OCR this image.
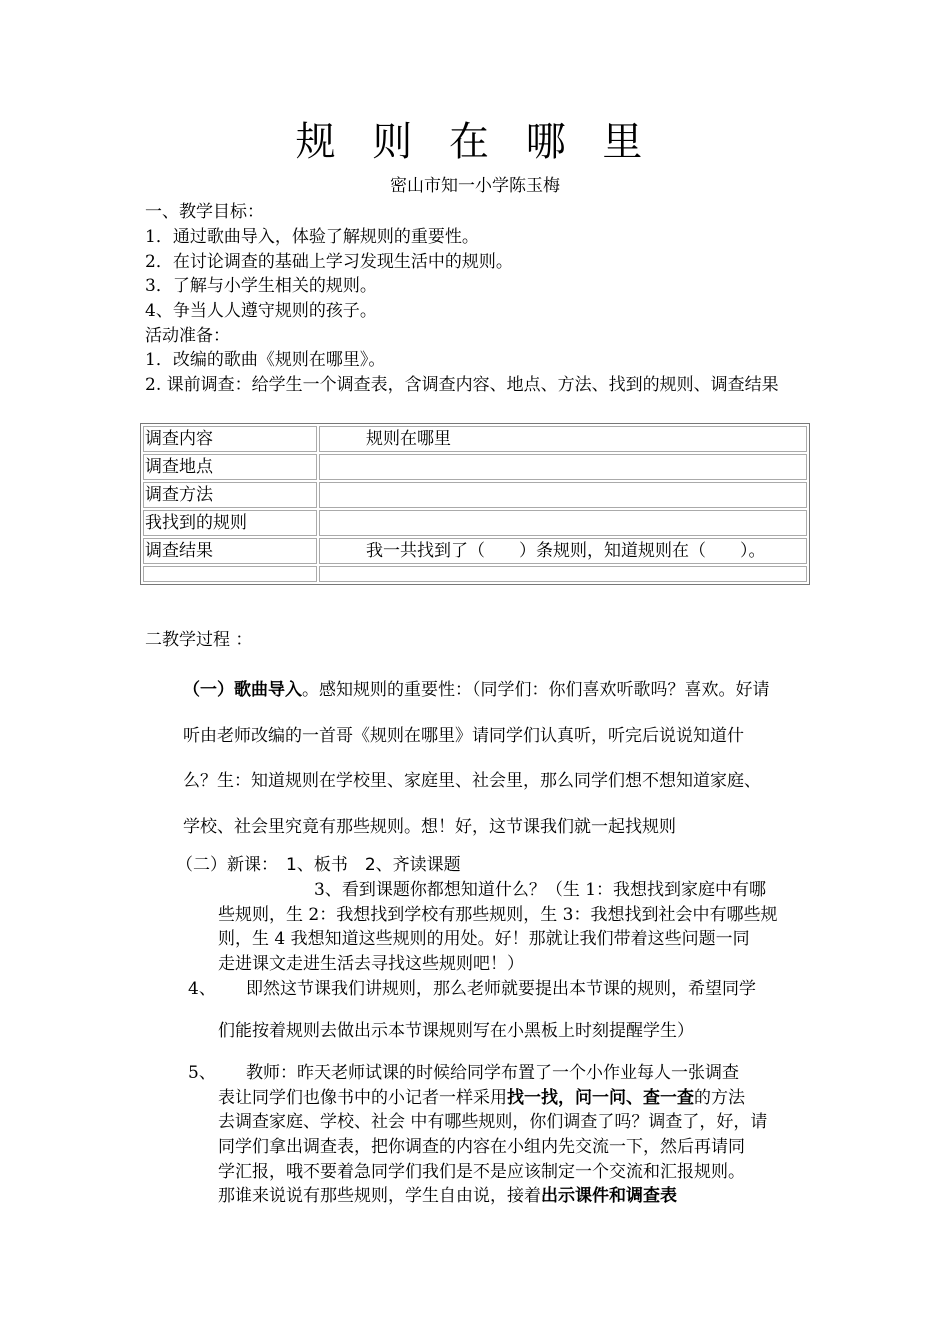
规 则 在 哪 里
密山市知一小学陈玉梅
一、教学目标：
1．通过歌曲导入，体验了解规则的重要性。
2．在讨论调查的基础上学习发现生活中的规则。
3．了解与小学生相关的规则。
4、争当人人遵守规则的孩子。
活动准备：
1．改编的歌曲《规则在哪里》。
2. 课前调查：给学生一个调查表，含调查内容、地点、方法、找到的规则、调查结果
调查内容	规则在哪里
调查地点	
调查方法	
我找到的规则	
调查结果	我一共找到了（　　）条规则，知道规则在（　　）。

二教学过程 ：
（一）歌曲导入。感知规则的重要性：（同学们：你们喜欢听歌吗？喜欢。好请
听由老师改编的一首哥《规则在哪里》请同学们认真听，听完后说说知道什
么？生：知道规则在学校里、家庭里、社会里，那么同学们想不想知道家庭、
学校、社会里究竟有那些规则。想！好，这节课我们就一起找规则
（二）新课： 1、板书　2、齐读课题
3、看到课题你都想知道什么？（生 1：我想找到家庭中有哪
些规则，生 2：我想找到学校有那些规则，生 3：我想找到社会中有哪些规
则，生 4 我想知道这些规则的用处。好！那就让我们带着这些问题一同
走进课文走进生活去寻找这些规则吧！）
4、 即然这节课我们讲规则，那么老师就要提出本节课的规则，希望同学
们能按着规则去做出示本节课规则写在小黑板上时刻提醒学生）
5、 教师：昨天老师试课的时候给同学布置了一个小作业每人一张调查
表让同学们也像书中的小记者一样采用找一找，问一问、查一查的方法
去调查家庭、学校、社会 中有哪些规则，你们调查了吗？调查了，好，请
同学们拿出调查表，把你调查的内容在小组内先交流一下，然后再请同
学汇报，哦不要着急同学们我们是不是应该制定一个交流和汇报规则。
那谁来说说有那些规则，学生自由说，接着出示课件和调查表
